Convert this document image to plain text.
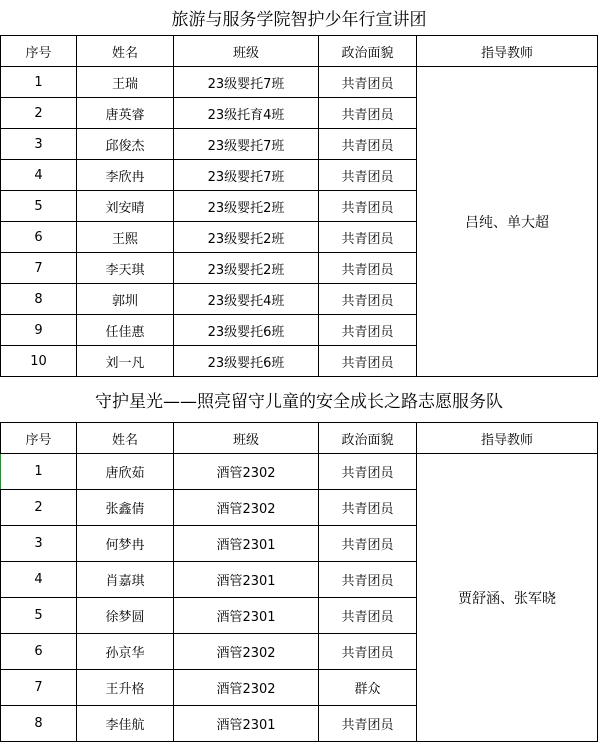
旅游与服务学院智护少年行宣讲团				
序号	姓名	班级	政治面貌	指导教师
1	王瑞	23级婴托7班	共青团员	吕纯、单大超
2	唐英睿	23级托育4班	共青团员	
3	邱俊杰	23级婴托7班	共青团员	
4	李欣冉	23级婴托7班	共青团员	
5	刘安晴	23级婴托2班	共青团员	
6	王熙	23级婴托2班	共青团员	
7	李天琪	23级婴托2班	共青团员	
8	郭圳	23级婴托4班	共青团员	
9	任佳惠	23级婴托6班	共青团员	
10	刘一凡	23级婴托6班	共青团员	
守护星光——照亮留守儿童的安全成长之路志愿服务队				
序号	姓名	班级	政治面貌	指导教师
1	唐欣茹	酒管2302	共青团员	贾舒涵、张军晓
2	张鑫倩	酒管2302	共青团员	
3	何梦冉	酒管2301	共青团员	
4	肖嘉琪	酒管2301	共青团员	
5	徐梦圆	酒管2301	共青团员	
6	孙京华	酒管2302	共青团员	
7	王升格	酒管2302	群众	
8	李佳航	酒管2301	共青团员	
